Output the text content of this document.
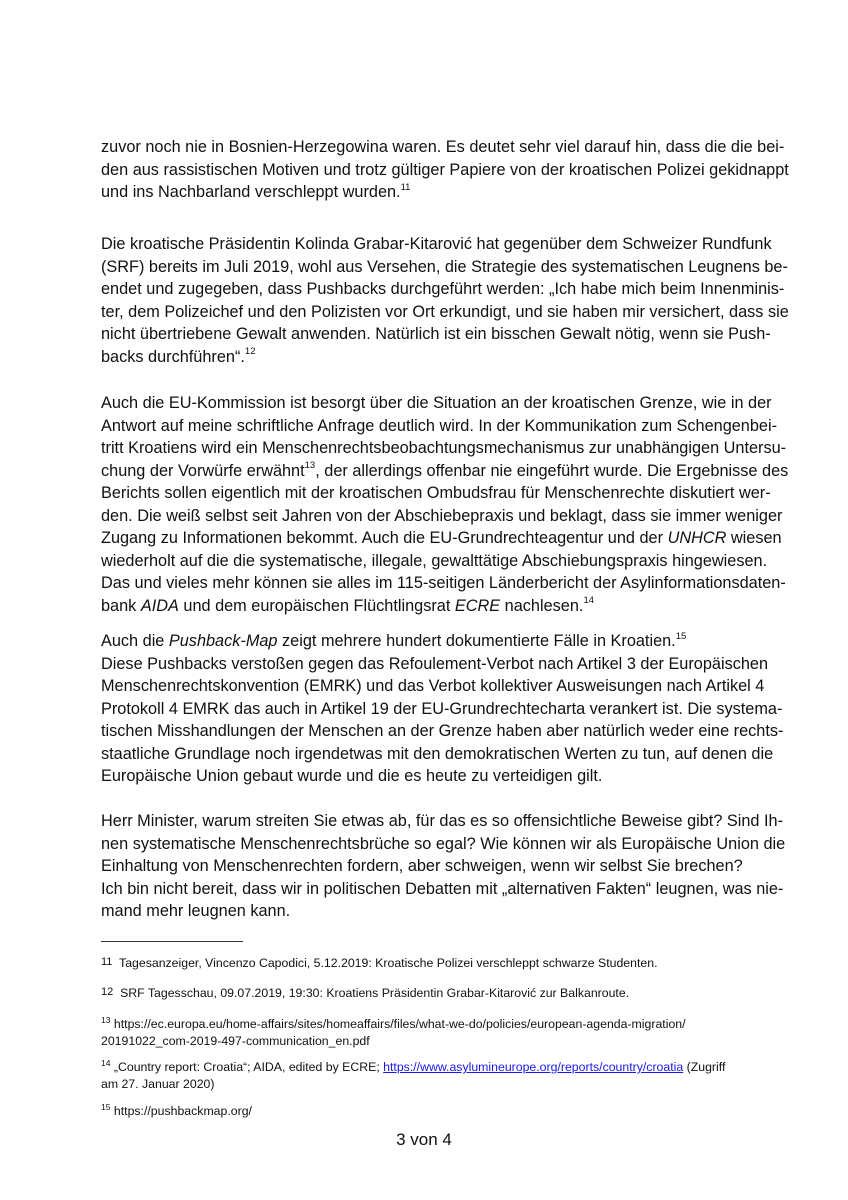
zuvor noch nie in Bosnien-Herzegowina waren. Es deutet sehr viel darauf hin, dass die die bei-
den aus rassistischen Motiven und trotz gültiger Papiere von der kroatischen Polizei gekidnappt
und ins Nachbarland verschleppt wurden.$^{11}$

Die kroatische Präsidentin Kolinda Grabar-Kitarović hat gegenüber dem Schweizer Rundfunk
(SRF) bereits im Juli 2019, wohl aus Versehen, die Strategie des systematischen Leugnens be-
endet und zugegeben, dass Pushbacks durchgeführt werden: „Ich habe mich beim Innenminis-
ter, dem Polizeichef und den Polizisten vor Ort erkundigt, und sie haben mir versichert, dass sie
nicht übertriebene Gewalt anwenden. Natürlich ist ein bisschen Gewalt nötig, wenn sie Push-
backs durchführen“.$^{12}$

Auch die EU-Kommission ist besorgt über die Situation an der kroatischen Grenze, wie in der
Antwort auf meine schriftliche Anfrage deutlich wird. In der Kommunikation zum Schengenbei-
tritt Kroatiens wird ein Menschenrechtsbeobachtungsmechanismus zur unabhängigen Untersu-
chung der Vorwürfe erwähnt$^{13}$, der allerdings offenbar nie eingeführt wurde. Die Ergebnisse des
Berichts sollen eigentlich mit der kroatischen Ombudsfrau für Menschenrechte diskutiert wer-
den. Die weiß selbst seit Jahren von der Abschiebepraxis und beklagt, dass sie immer weniger
Zugang zu Informationen bekommt. Auch die EU-Grundrechteagentur und der UNHCR wiesen
wiederholt auf die die systematische, illegale, gewalttätige Abschiebungspraxis hingewiesen.
Das und vieles mehr können sie alles im 115-seitigen Länderbericht der Asylinformationsdaten-
bank AIDA und dem europäischen Flüchtlingsrat ECRE nachlesen.$^{14}$

Auch die Pushback-Map zeigt mehrere hundert dokumentierte Fälle in Kroatien.$^{15}$
Diese Pushbacks verstoßen gegen das Refoulement-Verbot nach Artikel 3 der Europäischen
Menschenrechtskonvention (EMRK) und das Verbot kollektiver Ausweisungen nach Artikel 4
Protokoll 4 EMRK das auch in Artikel 19 der EU-Grundrechtecharta verankert ist. Die systema-
tischen Misshandlungen der Menschen an der Grenze haben aber natürlich weder eine rechts-
staatliche Grundlage noch irgendetwas mit den demokratischen Werten zu tun, auf denen die
Europäische Union gebaut wurde und die es heute zu verteidigen gilt.

Herr Minister, warum streiten Sie etwas ab, für das es so offensichtliche Beweise gibt? Sind Ih-
nen systematische Menschenrechtsbrüche so egal? Wie können wir als Europäische Union die
Einhaltung von Menschenrechten fordern, aber schweigen, wenn wir selbst Sie brechen?
Ich bin nicht bereit, dass wir in politischen Debatten mit „alternativen Fakten“ leugnen, was nie-
mand mehr leugnen kann.

11 Tagesanzeiger, Vincenzo Capodici, 5.12.2019: Kroatische Polizei verschleppt schwarze Studenten.

12 SRF Tagesschau, 09.07.2019, 19:30: Kroatiens Präsidentin Grabar-Kitarović zur Balkanroute.

$^{13}$ https://ec.europa.eu/home-affairs/sites/homeaffairs/files/what-we-do/policies/european-agenda-migration/
20191022_com-2019-497-communication_en.pdf

$^{14}$ „Country report: Croatia“; AIDA, edited by ECRE; https://www.asylumineurope.org/reports/country/croatia (Zugriff
am 27. Januar 2020)

$^{15}$ https://pushbackmap.org/

3 von 4
